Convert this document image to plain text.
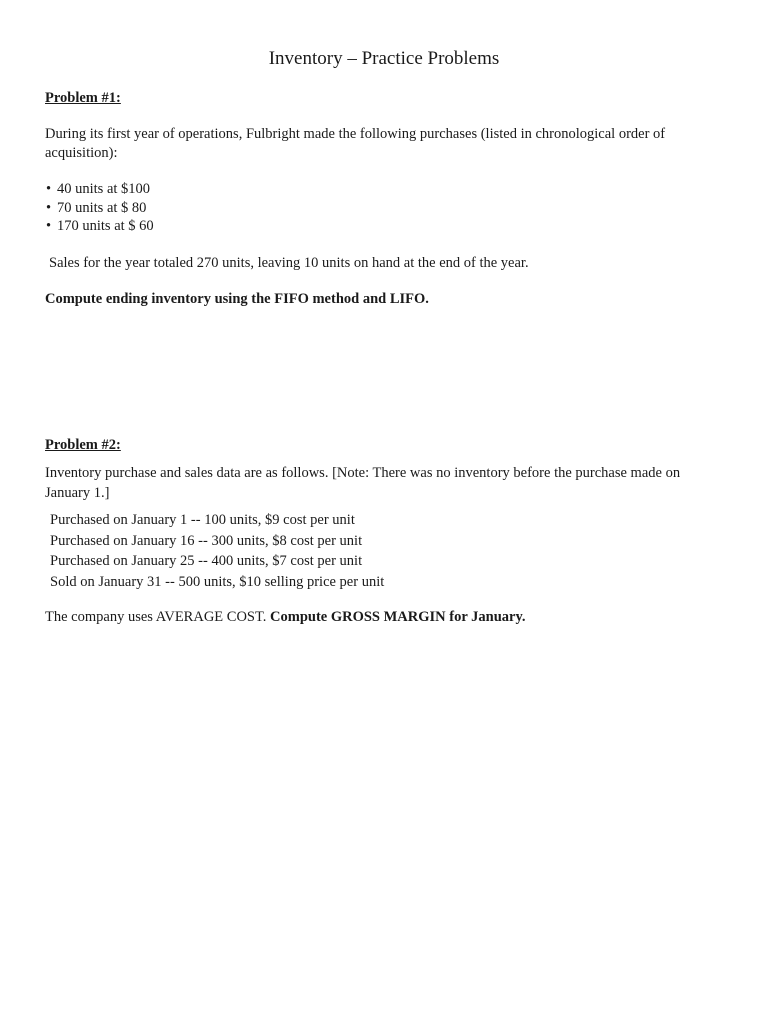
Inventory – Practice Problems

Problem #1:

During its first year of operations, Fulbright made the following purchases (listed in chronological order of acquisition):

• 40 units at $100
• 70 units at $ 80
• 170 units at $ 60

Sales for the year totaled 270 units, leaving 10 units on hand at the end of the year.

Compute ending inventory using the FIFO method and LIFO.

Problem #2:

Inventory purchase and sales data are as follows. [Note: There was no inventory before the purchase made on January 1.]

Purchased on January 1 -- 100 units, $9 cost per unit
Purchased on January 16 -- 300 units, $8 cost per unit
Purchased on January 25 -- 400 units, $7 cost per unit
Sold on January 31 -- 500 units, $10 selling price per unit

The company uses AVERAGE COST. Compute GROSS MARGIN for January.
